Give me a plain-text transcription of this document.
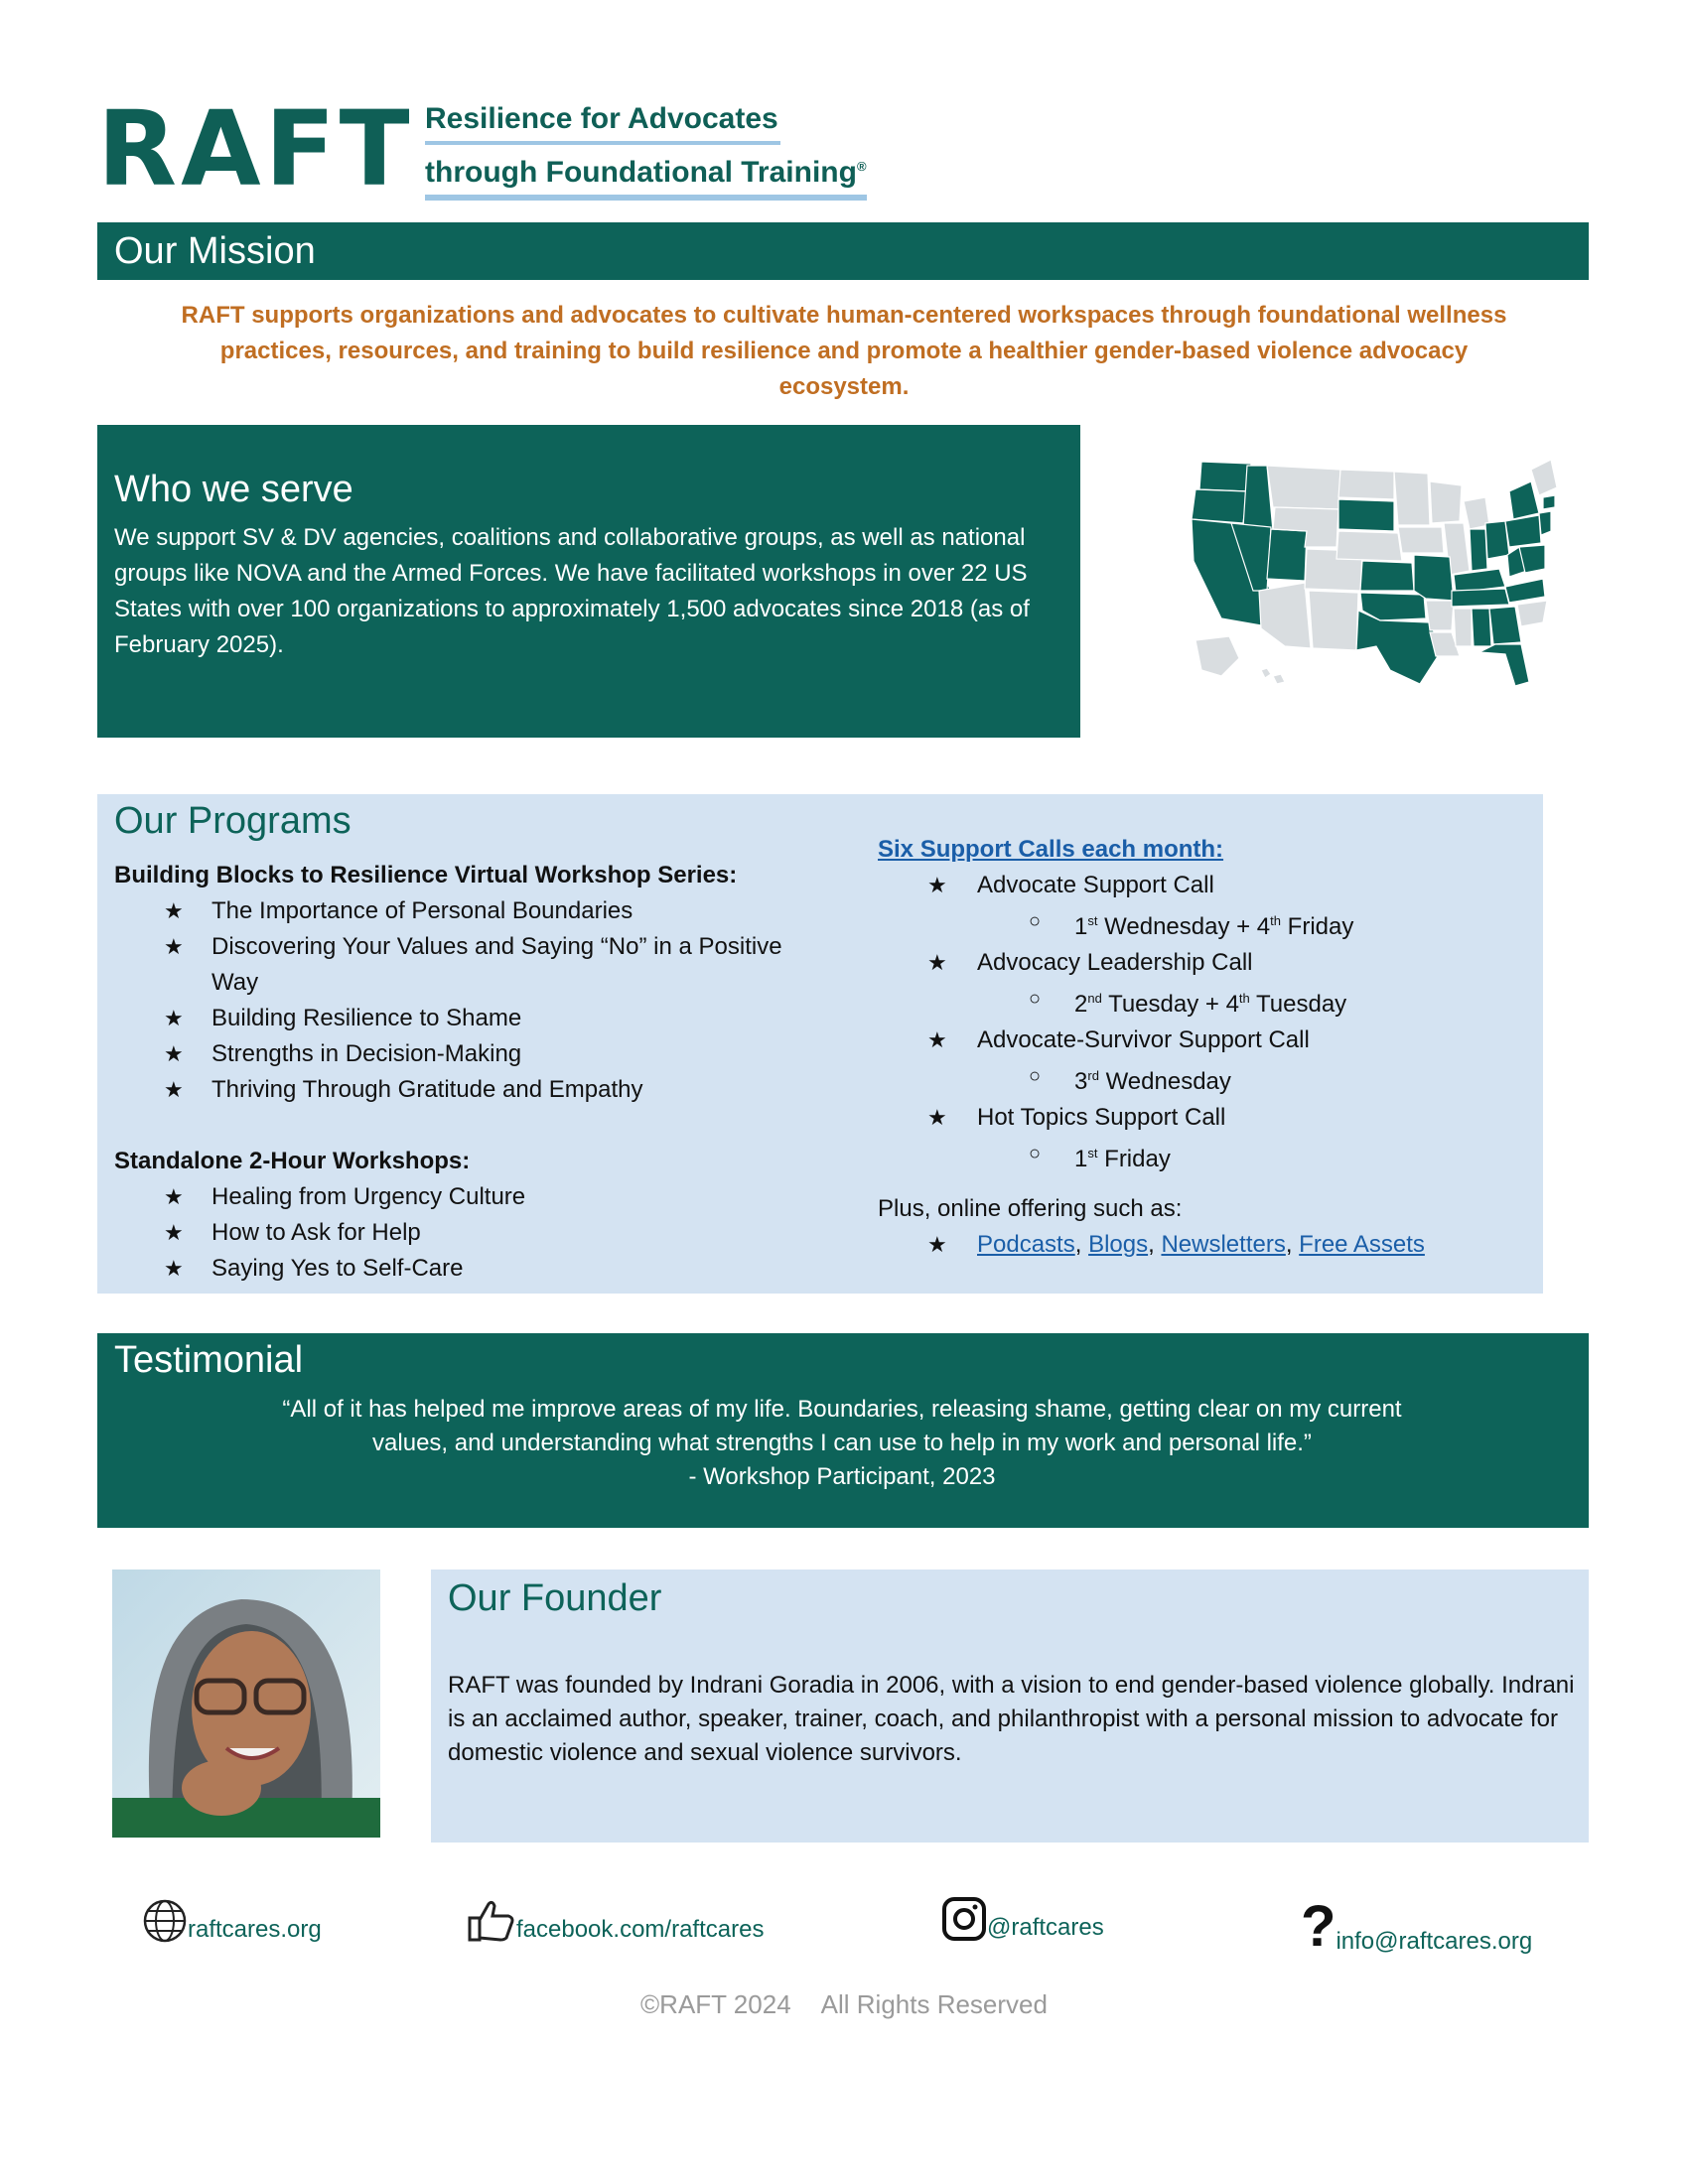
RAFT Resilience for Advocates
through Foundational Training®
Our Mission
RAFT supports organizations and advocates to cultivate human-centered workspaces through foundational wellness practices, resources, and training to build resilience and promote a healthier gender-based violence advocacy ecosystem.
Who we serve

We support SV & DV agencies, coalitions and collaborative groups, as well as national groups like NOVA and the Armed Forces. We have facilitated workshops in over 22 US States with over 100 organizations to approximately 1,500 advocates since 2018 (as of February 2025).

Our Programs
Building Blocks to Resilience Virtual Workshop Series:
★ The Importance of Personal Boundaries
★ Discovering Your Values and Saying “No” in a Positive Way
★ Building Resilience to Shame
★ Strengths in Decision-Making
★ Thriving Through Gratitude and Empathy
Standalone 2-Hour Workshops:
★ Healing from Urgency Culture
★ How to Ask for Help
★ Saying Yes to Self-Care
Six Support Calls each month:
★ Advocate Support Call
○ 1st Wednesday + 4th Friday
★ Advocacy Leadership Call
○ 2nd Tuesday + 4th Tuesday
★ Advocate-Survivor Support Call
○ 3rd Wednesday
★ Hot Topics Support Call
○ 1st Friday
Plus, online offering such as:
★ Podcasts, Blogs, Newsletters, Free Assets
Testimonial
“All of it has helped me improve areas of my life. Boundaries, releasing shame, getting clear on my current
values, and understanding what strengths I can use to help in my work and personal life.”
- Workshop Participant, 2023
Our Founder

RAFT was founded by Indrani Goradia in 2006, with a vision to end gender-based violence globally. Indrani is an acclaimed author, speaker, trainer, coach, and philanthropist with a personal mission to advocate for domestic violence and sexual violence survivors.

raftcares.org	facebook.com/raftcares	@raftcares	?info@raftcares.org
©RAFT 2024 All Rights Reserved
